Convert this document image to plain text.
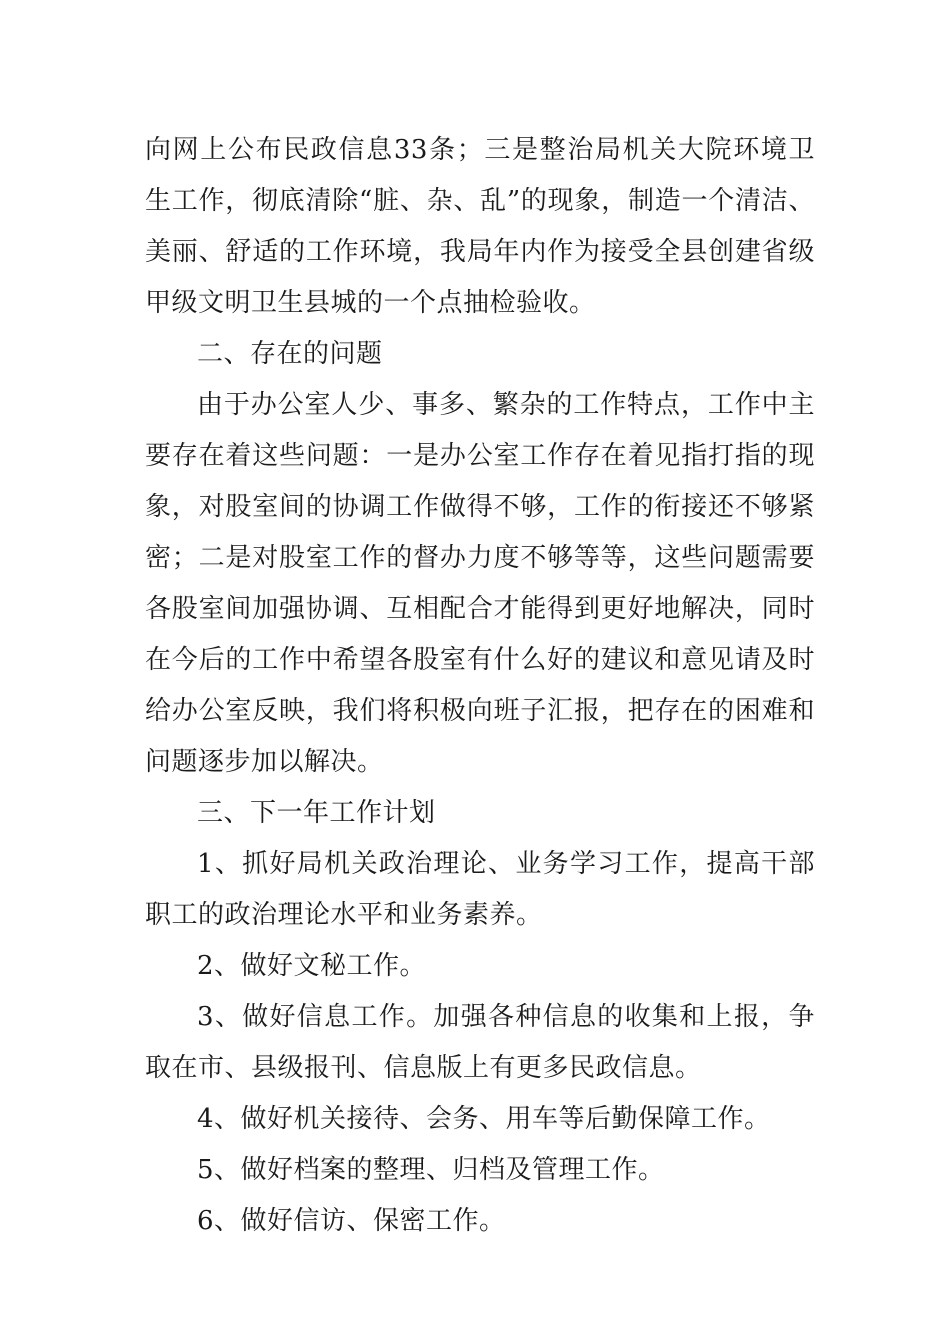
向网上公布民政信息33条；三是整治局机关大院环境卫生工作，彻底清除“脏、杂、乱”的现象，制造一个清洁、美丽、舒适的工作环境，我局年内作为接受全县创建省级甲级文明卫生县城的一个点抽检验收。

二、存在的问题

由于办公室人少、事多、繁杂的工作特点，工作中主要存在着这些问题：一是办公室工作存在着见指打指的现象，对股室间的协调工作做得不够，工作的衔接还不够紧密；二是对股室工作的督办力度不够等等，这些问题需要各股室间加强协调、互相配合才能得到更好地解决，同时在今后的工作中希望各股室有什么好的建议和意见请及时给办公室反映，我们将积极向班子汇报，把存在的困难和问题逐步加以解决。

三、下一年工作计划

1、抓好局机关政治理论、业务学习工作，提高干部职工的政治理论水平和业务素养。

2、做好文秘工作。

3、做好信息工作。加强各种信息的收集和上报，争取在市、县级报刊、信息版上有更多民政信息。

4、做好机关接待、会务、用车等后勤保障工作。

5、做好档案的整理、归档及管理工作。

6、做好信访、保密工作。
